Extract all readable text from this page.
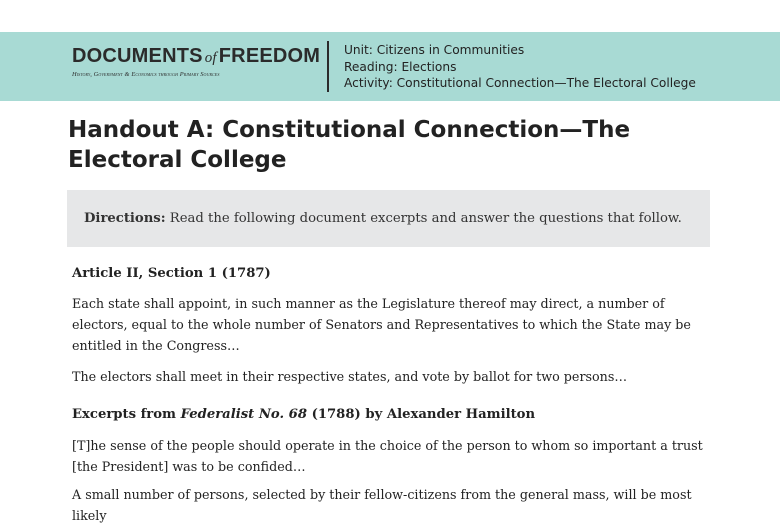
DOCUMENTS of FREEDOM
History, Government & Economics through Primary Sources
Unit: Citizens in Communities
Reading: Elections
Activity: Constitutional Connection—The Electoral College
Handout A: Constitutional Connection—The Electoral College
Directions: Read the following document excerpts and answer the questions that follow.
Article II, Section 1 (1787)

Each state shall appoint, in such manner as the Legislature thereof may direct, a number of electors, equal to the whole number of Senators and Representatives to which the State may be entitled in the Congress…

The electors shall meet in their respective states, and vote by ballot for two persons…

Excerpts from Federalist No. 68 (1788) by Alexander Hamilton

[T]he sense of the people should operate in the choice of the person to whom so important a trust [the President] was to be confided…

A small number of persons, selected by their fellow-citizens from the general mass, will be most likely
